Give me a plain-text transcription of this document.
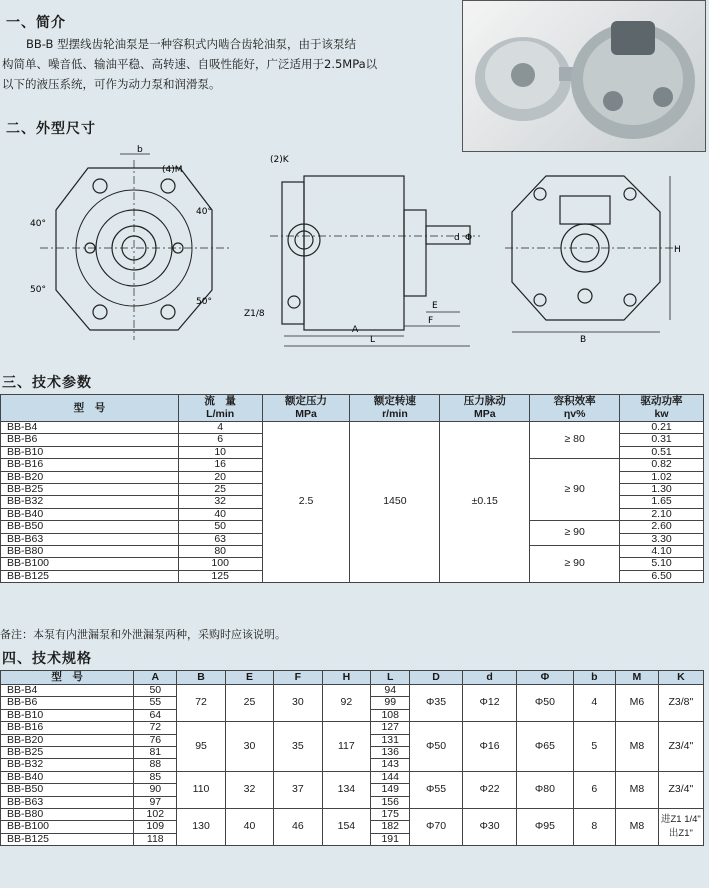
一、简介
BB-B 型摆线齿轮油泵是一种容积式内啮合齿轮油泵，由于该泵结
构简单、噪音低、输油平稳、高转速、自吸性能好，广泛适用于2.5MPa以
以下的液压系统，可作为动力泵和润滑泵。
二、外型尺寸
b
(4)M
40°
40°
50°
50°
(2)K
Z1/8
A
L
E
F
d Φ
H
B
三、技术参数
型　号	流　量
L/min	额定压力
MPa	额定转速
r/min	压力脉动
MPa	容积效率
ηv%	驱动功率
kw
BB-B4	4	2.5	1450	±0.15	≥ 80	0.21
BB-B6	6					0.31
BB-B10	10					0.51
BB-B16	16				≥ 90	0.82
BB-B20	20					1.02
BB-B25	25					1.30
BB-B32	32					1.65
BB-B40	40					2.10
BB-B50	50				≥ 90	2.60
BB-B63	63					3.30
BB-B80	80				≥ 90	4.10
BB-B100	100					5.10
BB-B125	125					6.50
备注：本泵有内泄漏泵和外泄漏泵两种，采购时应该说明。
四、技术规格
型　号	A	B	E	F	H	L	D	d	Φ	b	M	K
BB-B4	50	72	25	30	92	94	Φ35	Φ12	Φ50	4	M6	Z3/8"
BB-B6	55					99						
BB-B10	64					108						
BB-B16	72	95	30	35	117	127	Φ50	Φ16	Φ65	5	M8	Z3/4"
BB-B20	76					131						
BB-B25	81					136						
BB-B32	88					143						
BB-B40	85	110	32	37	134	144	Φ55	Φ22	Φ80	6	M8	Z3/4"
BB-B50	90					149						
BB-B63	97					156						
BB-B80	102	130	40	46	154	175	Φ70	Φ30	Φ95	8	M8	进Z1 1/4"
出Z1"
BB-B100	109					182						
BB-B125	118					191						
